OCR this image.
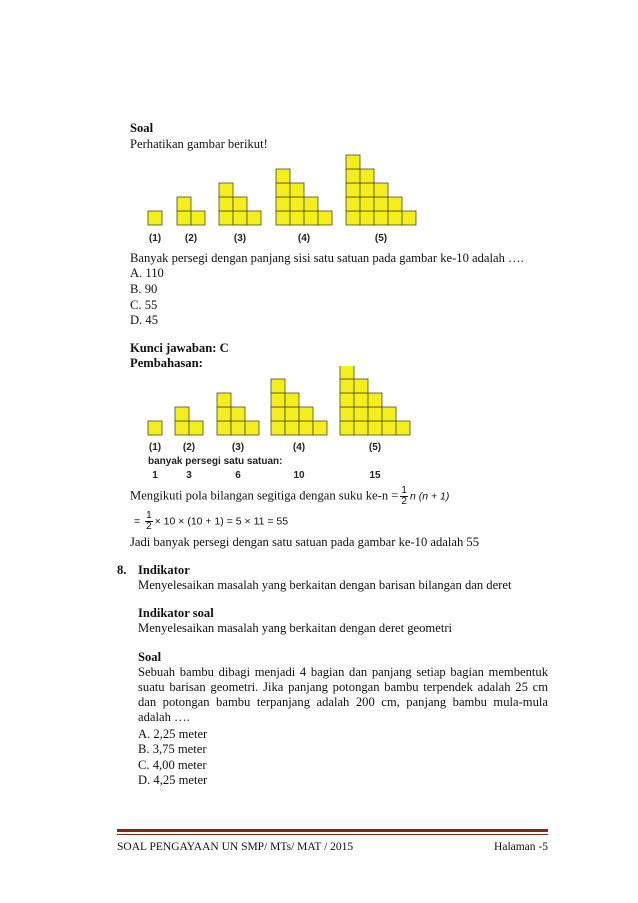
Soal
Perhatikan gambar berikut!
(1) (2)	(3)	(4)	(5)
Banyak persegi dengan panjang sisi satu satuan pada gambar ke-10 adalah ….
A. 110
B. 90
C. 55
D. 45
Kunci jawaban: C
Pembahasan:
(1)
1
(2)
3
(3)
6
(4)
10
(5)
15
banyak persegi satu satuan:
Mengikuti pola bilangan segitiga dengan suku $ke-n = \frac{1}{2}$ n (n + 1)
= $\frac{1}{2} \times 10 \times (10 + 1) = 5 \times 11 = 55$
Jadi banyak persegi dengan satu satuan pada gambar ke-10 adalah 55
8. Indikator
Menyelesaikan masalah yang berkaitan dengan barisan bilangan dan deret
Indikator soal
Menyelesaikan masalah yang berkaitan dengan deret geometri
Soal
Sebuah bambu dibagi menjadi 4 bagian dan panjang setiap bagian membentuk suatu barisan geometri. Jika panjang potongan bambu terpendek adalah 25 cm dan potongan bambu terpanjang adalah 200 cm, panjang bambu mula-mula adalah ….
A. 2,25 meter
B. 3,75 meter
C. 4,00 meter
D. 4,25 meter
SOAL PENGAYAAN UN SMP/ MTs/ MAT / 2015	Halaman -5
